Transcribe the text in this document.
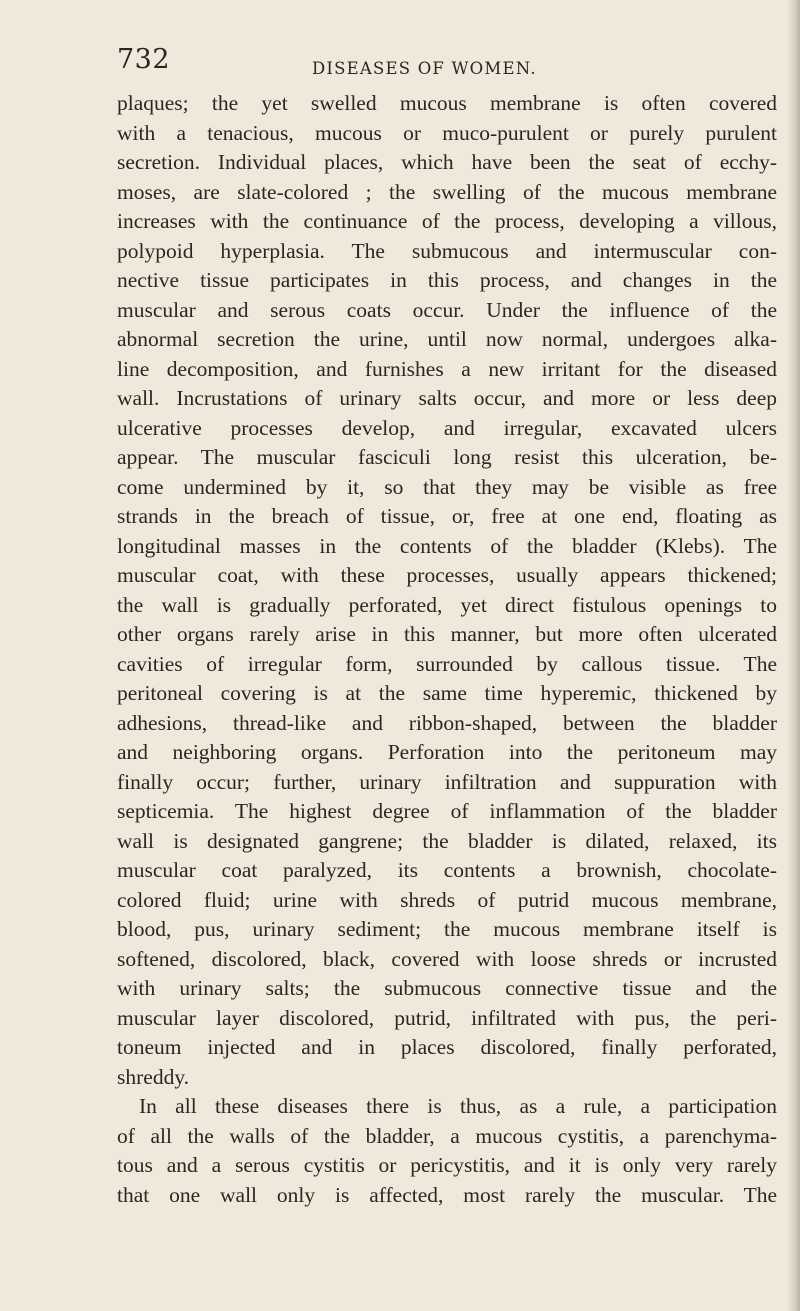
732	DISEASES OF WOMEN.
plaques; the yet swelled mucous membrane is often covered
with a tenacious, mucous or muco-purulent or purely purulent
secretion. Individual places, which have been the seat of ecchy-
moses, are slate-colored ; the swelling of the mucous membrane
increases with the continuance of the process, developing a villous,
polypoid hyperplasia. The submucous and intermuscular con-
nective tissue participates in this process, and changes in the
muscular and serous coats occur. Under the influence of the
abnormal secretion the urine, until now normal, undergoes alka-
line decomposition, and furnishes a new irritant for the diseased
wall. Incrustations of urinary salts occur, and more or less deep
ulcerative processes develop, and irregular, excavated ulcers
appear. The muscular fasciculi long resist this ulceration, be-
come undermined by it, so that they may be visible as free
strands in the breach of tissue, or, free at one end, floating as
longitudinal masses in the contents of the bladder (Klebs). The
muscular coat, with these processes, usually appears thickened;
the wall is gradually perforated, yet direct fistulous openings to
other organs rarely arise in this manner, but more often ulcerated
cavities of irregular form, surrounded by callous tissue. The
peritoneal covering is at the same time hyperemic, thickened by
adhesions, thread-like and ribbon-shaped, between the bladder
and neighboring organs. Perforation into the peritoneum may
finally occur; further, urinary infiltration and suppuration with
septicemia. The highest degree of inflammation of the bladder
wall is designated gangrene; the bladder is dilated, relaxed, its
muscular coat paralyzed, its contents a brownish, chocolate-
colored fluid; urine with shreds of putrid mucous membrane,
blood, pus, urinary sediment; the mucous membrane itself is
softened, discolored, black, covered with loose shreds or incrusted
with urinary salts; the submucous connective tissue and the
muscular layer discolored, putrid, infiltrated with pus, the peri-
toneum injected and in places discolored, finally perforated,
shreddy.
In all these diseases there is thus, as a rule, a participation
of all the walls of the bladder, a mucous cystitis, a parenchyma-
tous and a serous cystitis or pericystitis, and it is only very rarely
that one wall only is affected, most rarely the muscular. The
